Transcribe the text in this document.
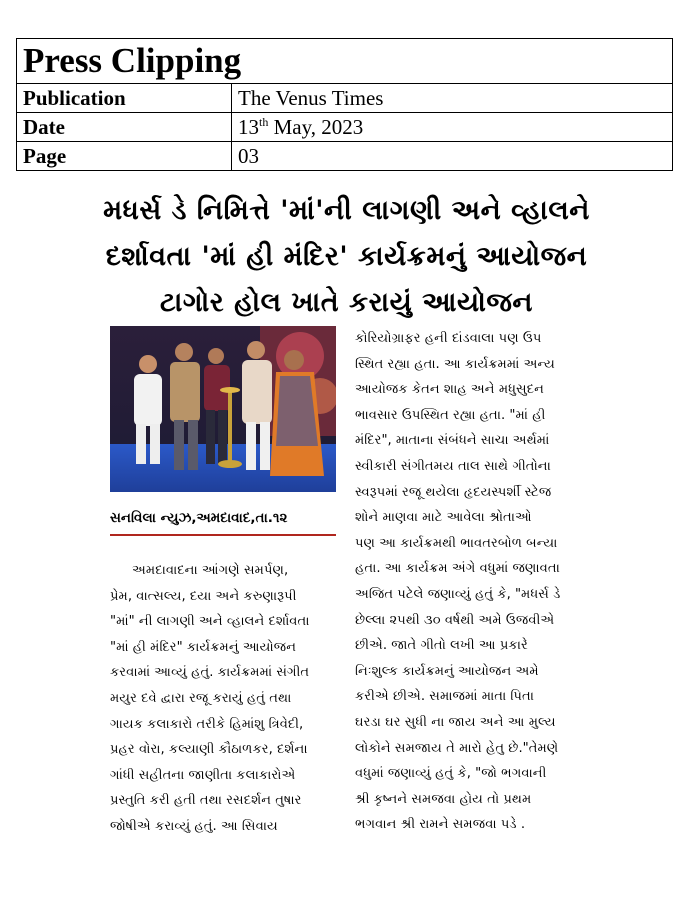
Press Clipping	
Publication	The Venus Times
Date	13th May, 2023
Page	03
મધર્સ ડે નિમિત્તે 'માં'ની લાગણી અને વ્હાલને
દર્શાવતા 'માં હી મંદિર' કાર્યક્રમનું આયોજન
ટાગોર હોલ ખાતે કરાયું આયોજન
સનવિલા ન્યુઝ,અમદાવાદ,તા.૧૨
અમદાવાદના આંગણે સમર્પણ,
પ્રેમ, વાત્સલ્ય, દયા અને કરુણારૂપી
"માં" ની લાગણી અને વ્હાલને દર્શાવતા
"માં હી મંદિર" કાર્યક્રમનું આયોજન
કરવામાં આવ્યું હતું. કાર્યક્રમમાં સંગીત
મયુર દવે દ્વારા રજૂ કરાયું હતું તથા
ગાયક કલાકારો તરીકે હિમાંશુ ત્રિવેદી,
પ્રહર વોરા, કલ્યાણી કૌઠાળકર, દર્શના
ગાંધી સહીતના જાણીતા કલાકારોએ
પ્રસ્તુતિ કરી હતી તથા રસદર્શન તુષાર
જોષીએ કરાવ્યું હતું. આ સિવાય
કોરિયોગ્રાફર હની દાંડવાલા પણ ઉપ
સ્થિત રહ્યા હતા. આ કાર્યક્રમમાં અન્ય
આયોજક કેતન શાહ અને મધુસુદન
ભાવસાર ઉપસ્થિત રહ્યા હતા. "માં હી
મંદિર", માતાના સંબંધને સાચા અર્થમાં
સ્વીકારી સંગીતમય તાલ સાથે ગીતોના
સ્વરૂપમાં રજૂ થયેલા હૃદયસ્પર્શી સ્ટેજ
શોને માણવા માટે આવેલા શ્રોતાઓ
પણ આ કાર્યક્રમથી ભાવતરબોળ બન્યા
હતા. આ કાર્યક્રમ અંગે વધુમાં જણાવતા
અજિત પટેલે જણાવ્યું હતું કે, "મધર્સ ડે
છેલ્લા ૨૫થી ૩૦ વર્ષથી અમે ઉજવીએ
છીએ. જાતે ગીતો લખી આ પ્રકારે
નિઃશુલ્ક કાર્યક્રમનું આયોજન અમે
કરીએ છીએ. સમાજમાં માતા પિતા
ઘરડા ઘર સુધી ના જાય અને આ મુલ્ય
લોકોને સમજાય તે મારો હેતુ છે."તેમણે
વધુમાં જણાવ્યું હતું કે, "જો ભગવાની
શ્રી કૃષ્નને સમજવા હોય તો પ્રથમ
ભગવાન શ્રી રામને સમજવા પડે .
